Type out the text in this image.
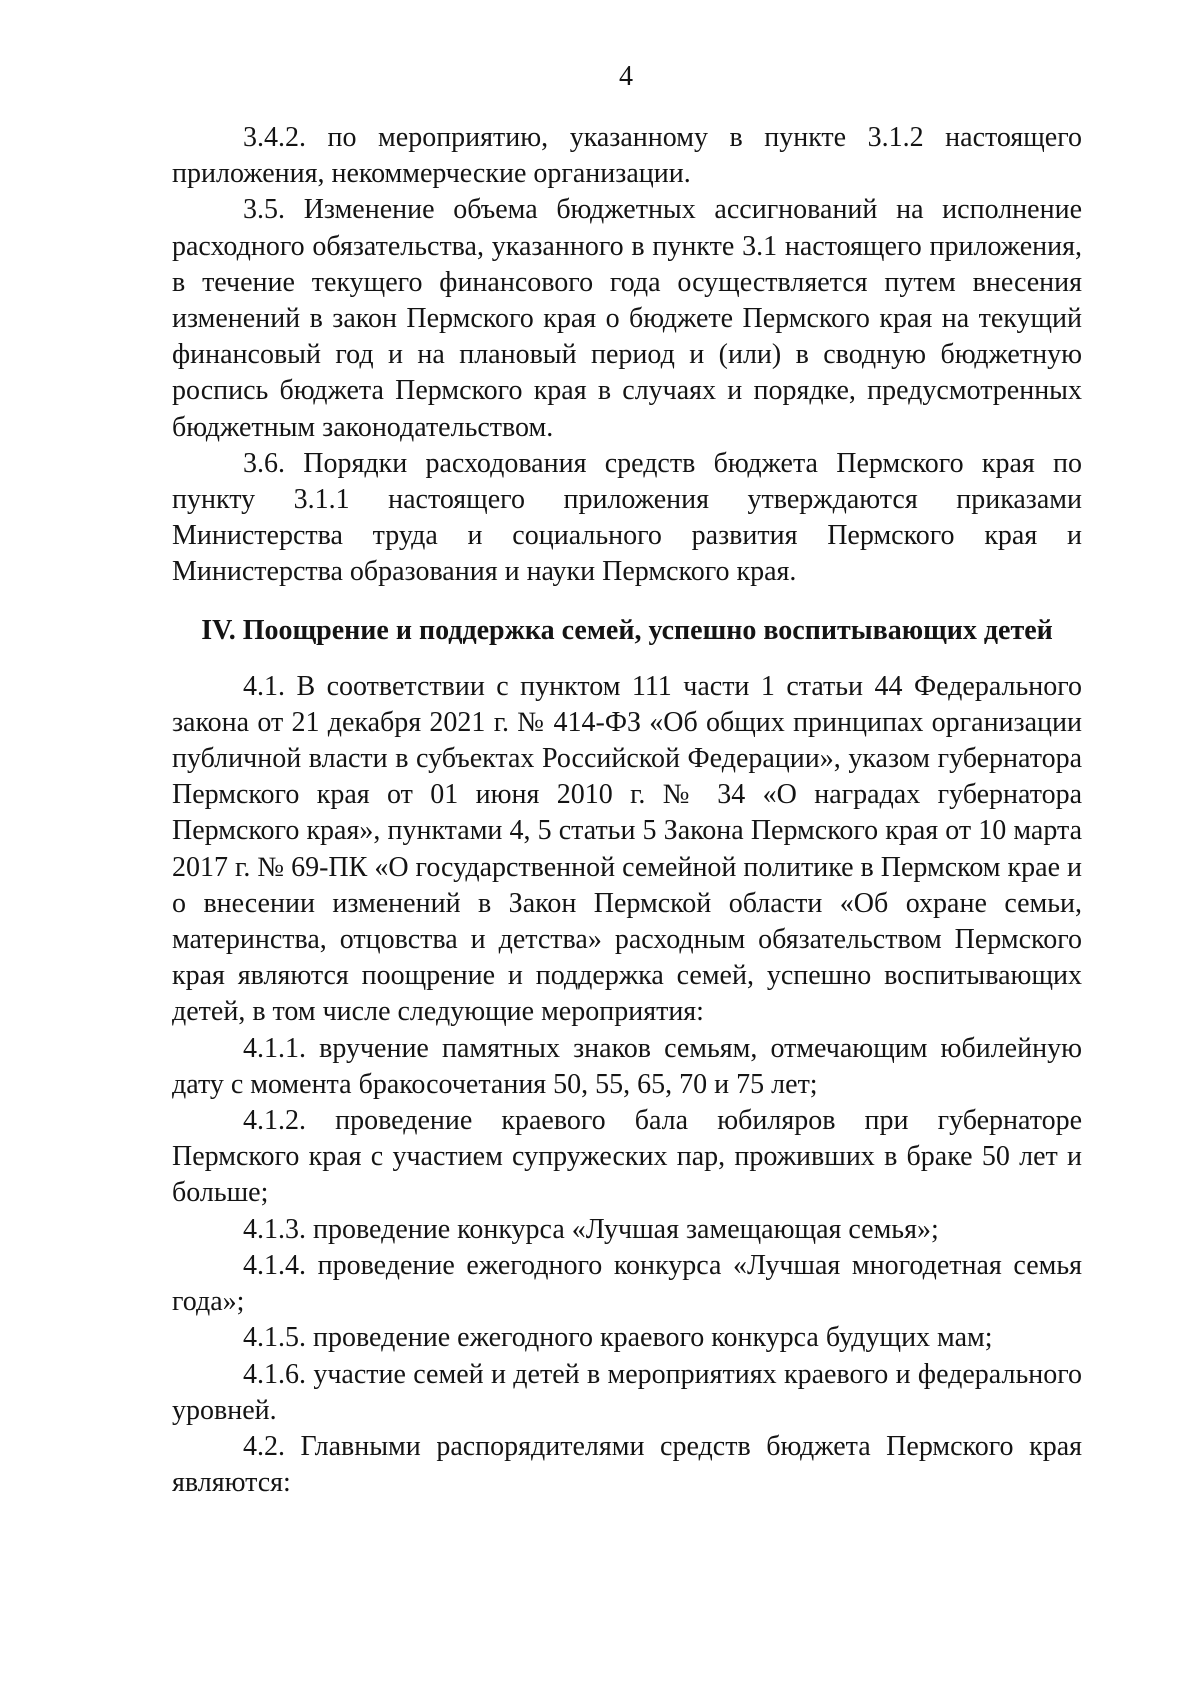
4

3.4.2. по мероприятию, указанному в пункте 3.1.2 настоящего приложения, некоммерческие организации.

3.5. Изменение объема бюджетных ассигнований на исполнение расходного обязательства, указанного в пункте 3.1 настоящего приложения, в течение текущего финансового года осуществляется путем внесения изменений в закон Пермского края о бюджете Пермского края на текущий финансовый год и на плановый период и (или) в сводную бюджетную роспись бюджета Пермского края в случаях и порядке, предусмотренных бюджетным законодательством.

3.6. Порядки расходования средств бюджета Пермского края по пункту 3.1.1 настоящего приложения утверждаются приказами Министерства труда и социального развития Пермского края и Министерства образования и науки Пермского края.

IV. Поощрение и поддержка семей, успешно воспитывающих детей

4.1. В соответствии с пунктом 111 части 1 статьи 44 Федерального закона от 21 декабря 2021 г. № 414-ФЗ «Об общих принципах организации публичной власти в субъектах Российской Федерации», указом губернатора Пермского края от 01 июня 2010 г. № 34 «О наградах губернатора Пермского края», пунктами 4, 5 статьи 5 Закона Пермского края от 10 марта 2017 г. № 69-ПК «О государственной семейной политике в Пермском крае и о внесении изменений в Закон Пермской области «Об охране семьи, материнства, отцовства и детства» расходным обязательством Пермского края являются поощрение и поддержка семей, успешно воспитывающих детей, в том числе следующие мероприятия:

4.1.1. вручение памятных знаков семьям, отмечающим юбилейную дату с момента бракосочетания 50, 55, 65, 70 и 75 лет;

4.1.2. проведение краевого бала юбиляров при губернаторе Пермского края с участием супружеских пар, проживших в браке 50 лет и больше;

4.1.3. проведение конкурса «Лучшая замещающая семья»;

4.1.4. проведение ежегодного конкурса «Лучшая многодетная семья года»;

4.1.5. проведение ежегодного краевого конкурса будущих мам;

4.1.6. участие семей и детей в мероприятиях краевого и федерального уровней.

4.2. Главными распорядителями средств бюджета Пермского края являются:
